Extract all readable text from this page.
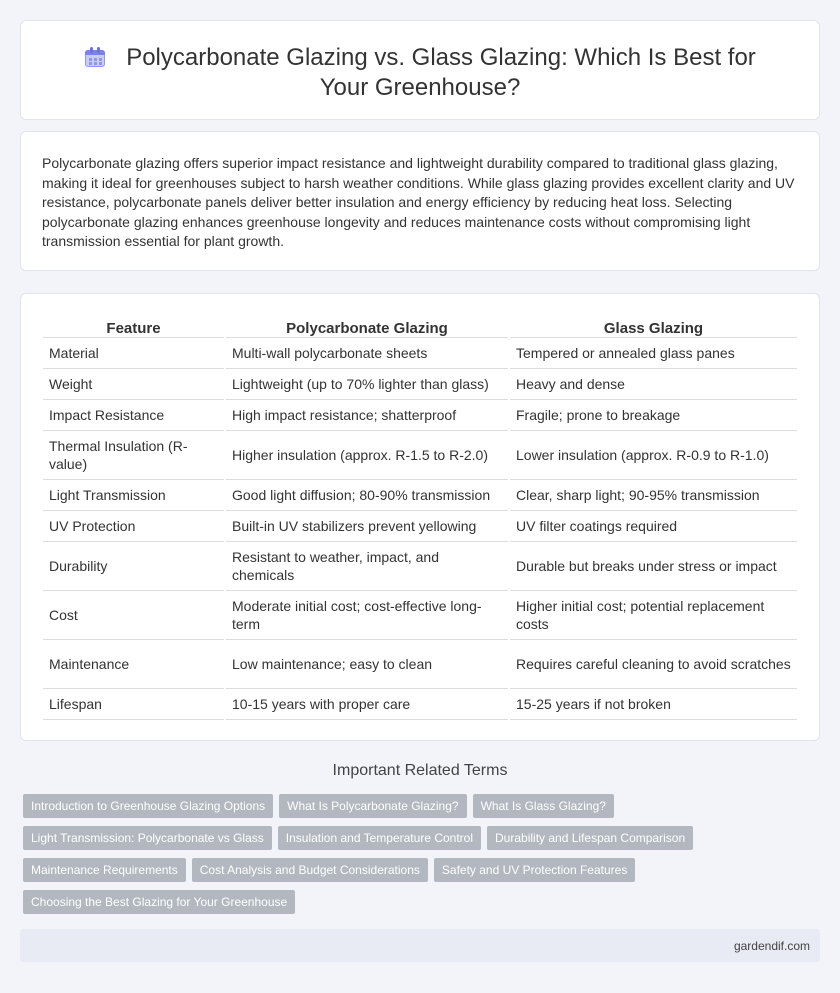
Polycarbonate Glazing vs. Glass Glazing: Which Is Best for Your Greenhouse?

Polycarbonate glazing offers superior impact resistance and lightweight durability compared to traditional glass glazing, making it ideal for greenhouses subject to harsh weather conditions. While glass glazing provides excellent clarity and UV resistance, polycarbonate panels deliver better insulation and energy efficiency by reducing heat loss. Selecting polycarbonate glazing enhances greenhouse longevity and reduces maintenance costs without compromising light transmission essential for plant growth.

Feature	Polycarbonate Glazing	Glass Glazing
Material	Multi-wall polycarbonate sheets	Tempered or annealed glass panes
Weight	Lightweight (up to 70% lighter than glass)	Heavy and dense
Impact Resistance	High impact resistance; shatterproof	Fragile; prone to breakage
Thermal Insulation (R-value)	Higher insulation (approx. R-1.5 to R-2.0)	Lower insulation (approx. R-0.9 to R-1.0)
Light Transmission	Good light diffusion; 80-90% transmission	Clear, sharp light; 90-95% transmission
UV Protection	Built-in UV stabilizers prevent yellowing	UV filter coatings required
Durability	Resistant to weather, impact, and chemicals	Durable but breaks under stress or impact
Cost	Moderate initial cost; cost-effective long-term	Higher initial cost; potential replacement costs
Maintenance	Low maintenance; easy to clean	Requires careful cleaning to avoid scratches
Lifespan	10-15 years with proper care	15-25 years if not broken
Important Related Terms
Introduction to Greenhouse Glazing Options What Is Polycarbonate Glazing? What Is Glass Glazing?
Light Transmission: Polycarbonate vs Glass Insulation and Temperature Control Durability and Lifespan Comparison
Maintenance Requirements Cost Analysis and Budget Considerations Safety and UV Protection Features
Choosing the Best Glazing for Your Greenhouse
gardendif.com
